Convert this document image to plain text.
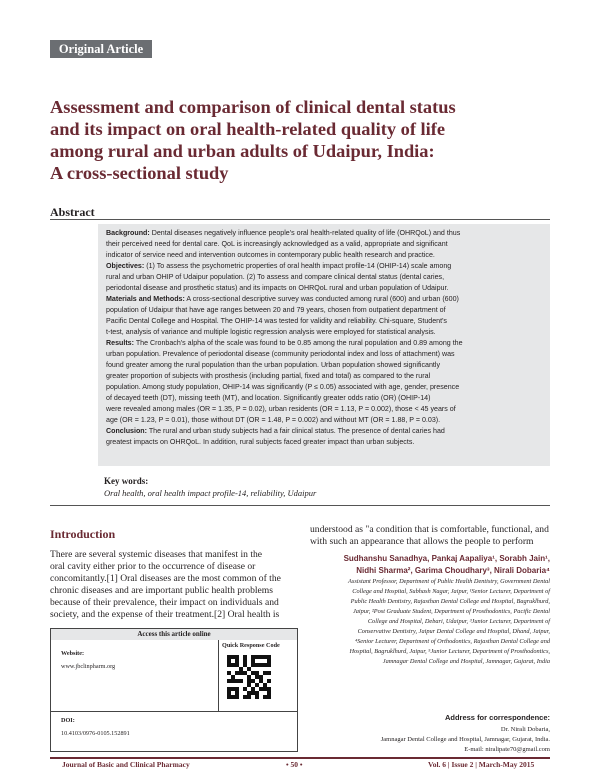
Original Article
Assessment and comparison of clinical dental status
and its impact on oral health-related quality of life
among rural and urban adults of Udaipur, India:
A cross-sectional study
Abstract
Background: Dental diseases negatively influence people's oral health-related quality of life (OHRQoL) and thus
their perceived need for dental care. QoL is increasingly acknowledged as a valid, appropriate and significant
indicator of service need and intervention outcomes in contemporary public health research and practice.
Objectives: (1) To assess the psychometric properties of oral health impact profile-14 (OHIP-14) scale among
rural and urban OHIP of Udaipur population. (2) To assess and compare clinical dental status (dental caries,
periodontal disease and prosthetic status) and its impacts on OHRQoL rural and urban population of Udaipur.
Materials and Methods: A cross-sectional descriptive survey was conducted among rural (600) and urban (600)
population of Udaipur that have age ranges between 20 and 79 years, chosen from outpatient department of
Pacific Dental College and Hospital. The OHIP-14 was tested for validity and reliability. Chi-square, Student's
t-test, analysis of variance and multiple logistic regression analysis were employed for statistical analysis.
Results: The Cronbach's alpha of the scale was found to be 0.85 among the rural population and 0.89 among the
urban population. Prevalence of periodontal disease (community periodontal index and loss of attachment) was
found greater among the rural population than the urban population. Urban population showed significantly
greater proportion of subjects with prosthesis (including partial, fixed and total) as compared to the rural
population. Among study population, OHIP-14 was significantly (P ≤ 0.05) associated with age, gender, presence
of decayed teeth (DT), missing teeth (MT), and location. Significantly greater odds ratio (OR) (OHIP-14)
were revealed among males (OR = 1.35, P = 0.02), urban residents (OR = 1.13, P = 0.002), those < 45 years of
age (OR = 1.23, P = 0.01), those without DT (OR = 1.48, P = 0.002) and without MT (OR = 1.88, P = 0.03).
Conclusion: The rural and urban study subjects had a fair clinical status. The presence of dental caries had
greatest impacts on OHRQoL. In addition, rural subjects faced greater impact than urban subjects.
Key words:
Oral health, oral health impact profile-14, reliability, Udaipur
Introduction
There are several systemic diseases that manifest in the
oral cavity either prior to the occurrence of disease or
concomitantly.[1] Oral diseases are the most common of the
chronic diseases and are important public health problems
because of their prevalence, their impact on individuals and
society, and the expense of their treatment.[2] Oral health is
understood as "a condition that is comfortable, functional, and
with such an appearance that allows the people to perform
Access this article online
Quick Response Code
Website:
www.jbclinpharm.org
DOI:
10.4103/0976-0105.152891
Sudhanshu Sanadhya, Pankaj Aapaliya¹, Sorabh Jain¹,
Nidhi Sharma², Garima Choudhary³, Nirali Dobaria⁴
Assistant Professor, Department of Public Health Dentistry, Government Dental
College and Hospital, Subhash Nagar, Jaipur, ¹Senior Lecturer, Department of
Public Health Dentistry, Rajasthan Dental College and Hospital, Bagruklhurd,
Jaipur, ²Post Graduate Student, Department of Prosthodontics, Pacific Dental
College and Hospital, Debari, Udaipur, ³Junior Lecturer, Department of
Conservative Dentistry, Jaipur Dental College and Hospital, Dhand, Jaipur,
⁴Senior Lecturer, Department of Orthodontics, Rajasthan Dental College and
Hospital, Bagruklhurd, Jaipur, ⁵Junior Lecturer, Department of Prosthodontics,
Jamnagar Dental College and Hospital, Jamnagar, Gujarat, India
Address for correspondence:
Dr. Nirali Dobaria,
Jamnagar Dental College and Hospital, Jamnagar, Gujarat, India.
E-mail: niralipate70@gmail.com
Journal of Basic and Clinical Pharmacy	• 50 •	Vol. 6 | Issue 2 | March-May 2015
